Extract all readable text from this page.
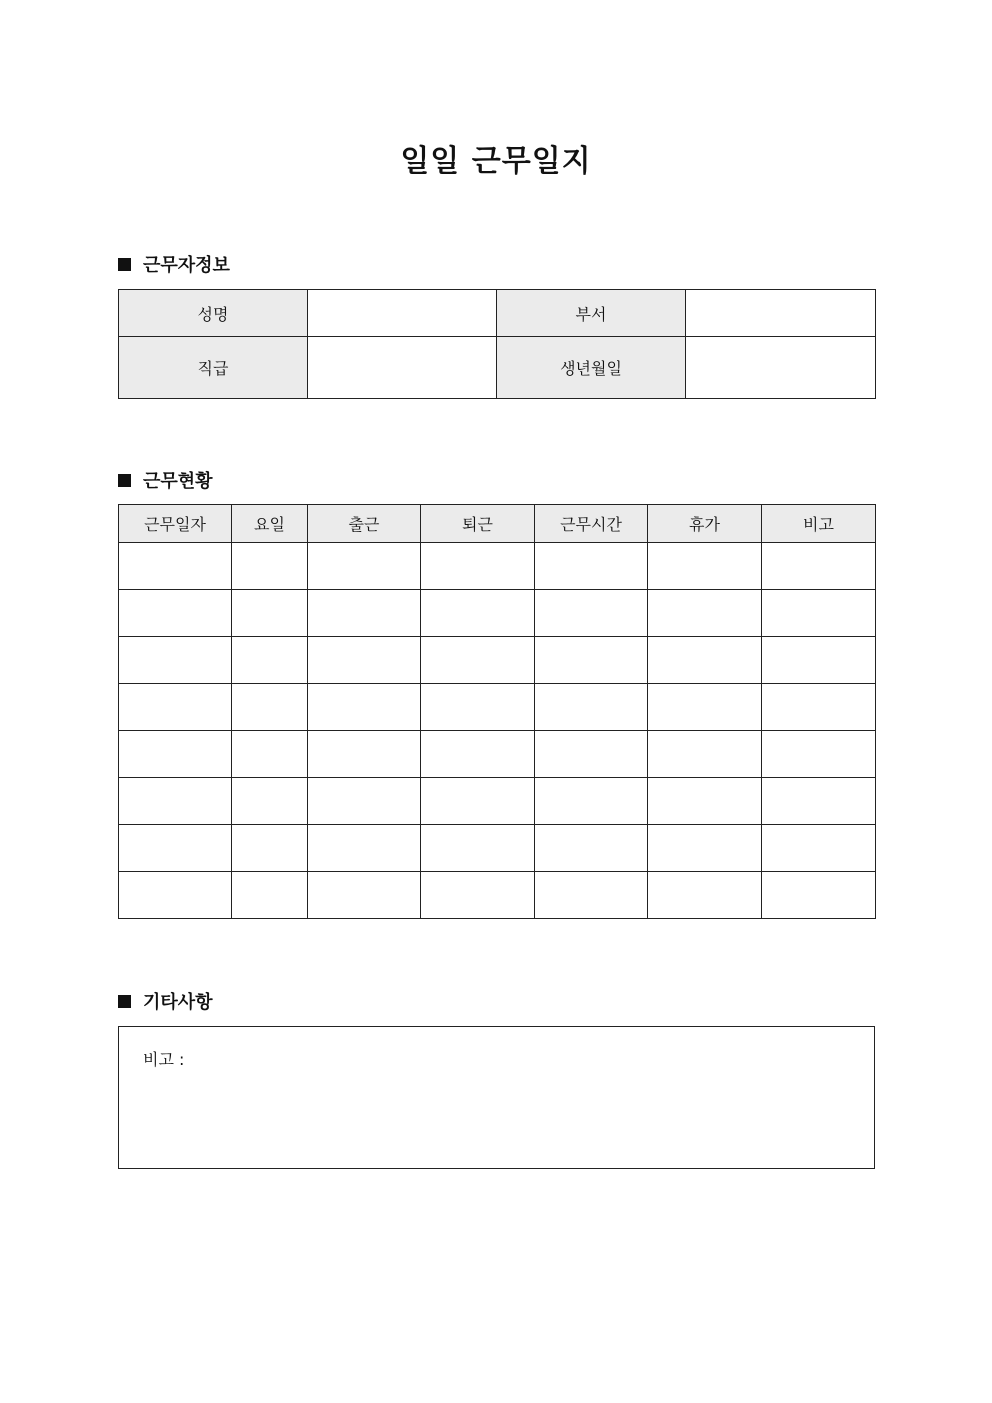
일일 근무일지
근무자정보
성명		부서	
직급		생년월일	
근무현황
근무일자	요일	출근	퇴근	근무시간	휴가	비고

기타사항
비고 :
